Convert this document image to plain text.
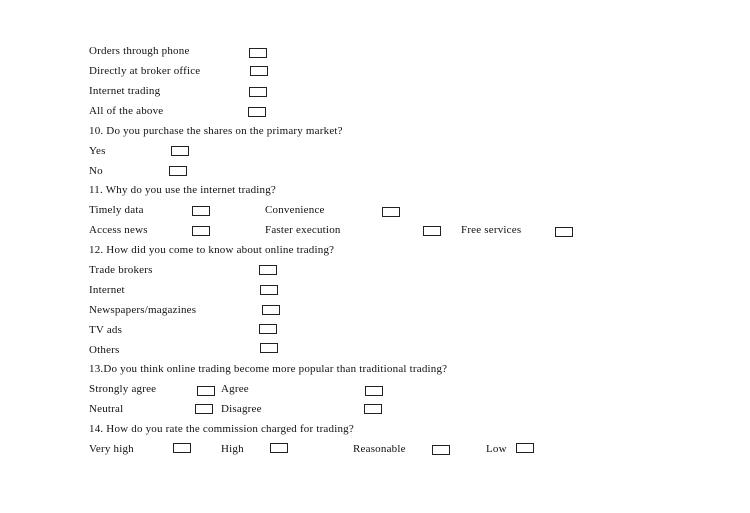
Orders through phone
Directly at broker office
Internet trading
All of the above
10. Do you purchase the shares on the primary market?
Yes
No
11. Why do you use the internet trading?
Timely data	Convenience
Access news	Faster execution	Free services
12. How did you come to know about online trading?
Trade brokers
Internet
Newspapers/magazines
TV ads
Others
13.Do you think online trading become more popular than traditional trading?
Strongly agree	Agree
Neutral	Disagree
14. How do you rate the commission charged for trading?
Very high	High	Reasonable	Low
